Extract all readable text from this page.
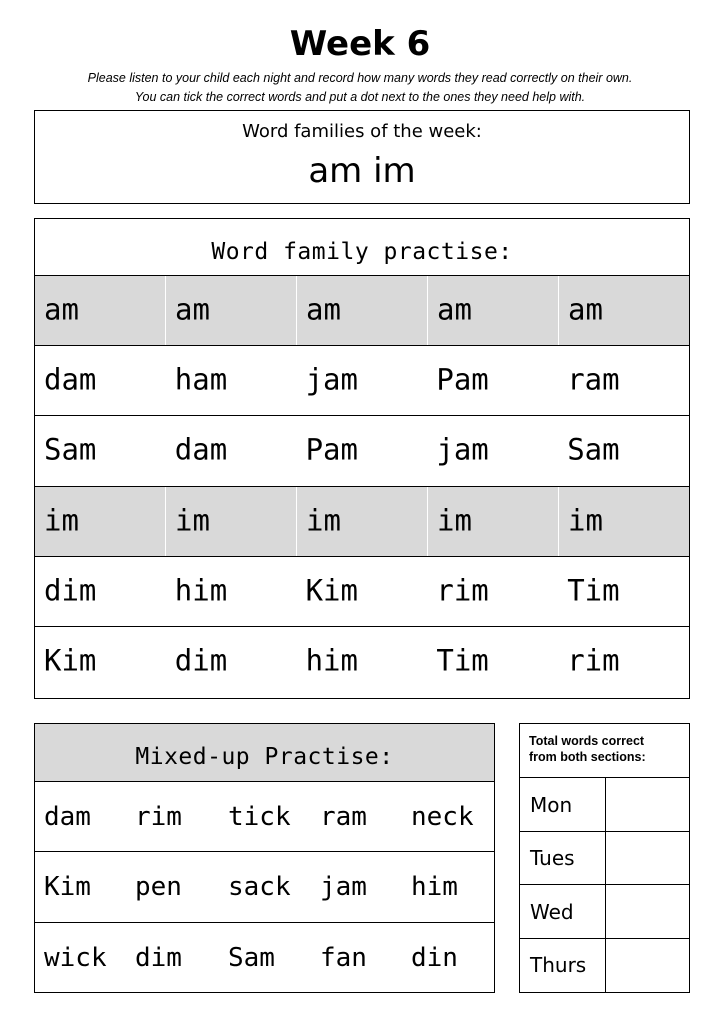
Week 6
Please listen to your child each night and record how many words they read correctly on their own.
You can tick the correct words and put a dot next to the ones they need help with.
Word families of the week:
am im
Word family practise:
am	am	am	am	am
dam	ham	jam	Pam	ram
Sam	dam	Pam	jam	Sam
im	im	im	im	im
dim	him	Kim	rim	Tim
Kim	dim	him	Tim	rim
Mixed-up Practise:
dam rim tick ram neck
Kim pen sack jam him
wick dim Sam fan din
Total words correct
from both sections:
Mon
Tues
Wed
Thurs
